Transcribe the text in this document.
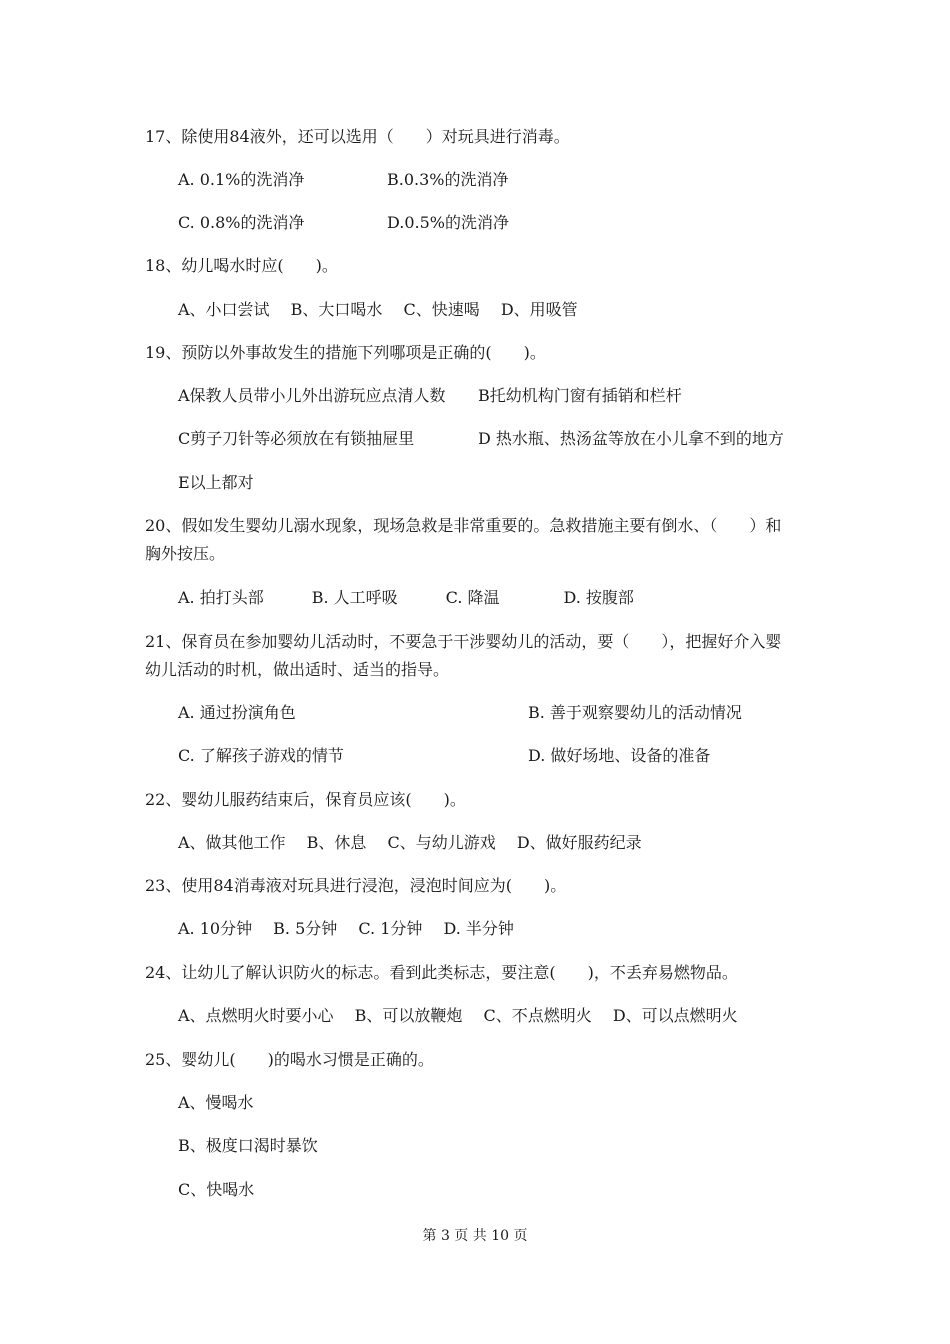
17、除使用84液外，还可以选用（　　）对玩具进行消毒。
A. 0.1%的洗消净	B.0.3%的洗消净
C. 0.8%的洗消净	D.0.5%的洗消净
18、幼儿喝水时应(　　)。
A、小口尝试　 B、大口喝水　 C、快速喝　 D、用吸管
19、预防以外事故发生的措施下列哪项是正确的(　　)。
A保教人员带小儿外出游玩应点清人数 B托幼机构门窗有插销和栏杆
C剪子刀针等必须放在有锁抽屉里	D 热水瓶、热汤盆等放在小儿拿不到的地方
E以上都对
20、假如发生婴幼儿溺水现象，现场急救是非常重要的。急救措施主要有倒水、（　　）和
胸外按压。
A. 拍打头部　　　B. 人工呼吸　　　C. 降温　　　　D. 按腹部
21、保育员在参加婴幼儿活动时，不要急于干涉婴幼儿的活动，要（　　），把握好介入婴
幼儿活动的时机，做出适时、适当的指导。
A. 通过扮演角色	B. 善于观察婴幼儿的活动情况
C. 了解孩子游戏的情节	D. 做好场地、设备的准备
22、婴幼儿服药结束后，保育员应该(　　)。
A、做其他工作　 B、休息　 C、与幼儿游戏　 D、做好服药纪录
23、使用84消毒液对玩具进行浸泡，浸泡时间应为(　　)。
A. 10分钟　 B. 5分钟　 C. 1分钟　 D. 半分钟
24、让幼儿了解认识防火的标志。看到此类标志，要注意(　　)，不丢弃易燃物品。
A、点燃明火时要小心　 B、可以放鞭炮　 C、不点燃明火　 D、可以点燃明火
25、婴幼儿(　　)的喝水习惯是正确的。
A、慢喝水
B、极度口渴时暴饮
C、快喝水
第 3 页 共 10 页
